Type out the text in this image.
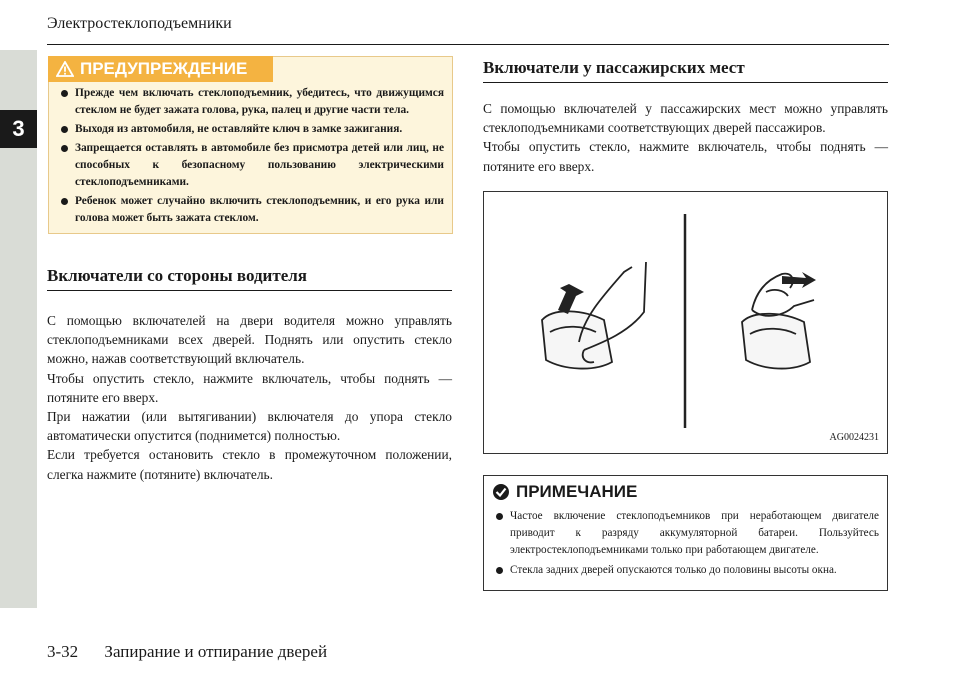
3
Электростеклоподъемники
ПРЕДУПРЕЖДЕНИЕ
Прежде чем включать стеклоподъемник, убедитесь, что движущимся стеклом не будет зажата голова, рука, палец и другие части тела.
Выходя из автомобиля, не оставляйте ключ в замке зажигания.
Запрещается оставлять в автомобиле без присмотра детей или лиц, не способных к безопасному пользованию электрическими стеклоподъемниками.
Ребенок может случайно включить стеклоподъемник, и его рука или голова может быть зажата стеклом.
Включатели со стороны водителя

С помощью включателей на двери водителя можно управлять стеклоподъемниками всех дверей. Поднять или опустить стекло можно, нажав соответствующий включатель.

Чтобы опустить стекло, нажмите включатель, чтобы поднять — потяните его вверх.

При нажатии (или вытягивании) включателя до упора стекло автоматически опустится (поднимется) полностью.

Если требуется остановить стекло в промежуточном положении, слегка нажмите (потяните) включатель.

Включатели у пассажирских мест

С помощью включателей у пассажирских мест можно управлять стеклоподъемниками соответствующих дверей пассажиров.

Чтобы опустить стекло, нажмите включатель, чтобы поднять — потяните его вверх.

AG0024231
ПРИМЕЧАНИЕ
Частое включение стеклоподъемников при неработающем двигателе приводит к разряду аккумуляторной батареи. Пользуйтесь электростеклоподъемниками только при работающем двигателе.
Стекла задних дверей опускаются только до половины высоты окна.
3-32 Запирание и отпирание дверей
